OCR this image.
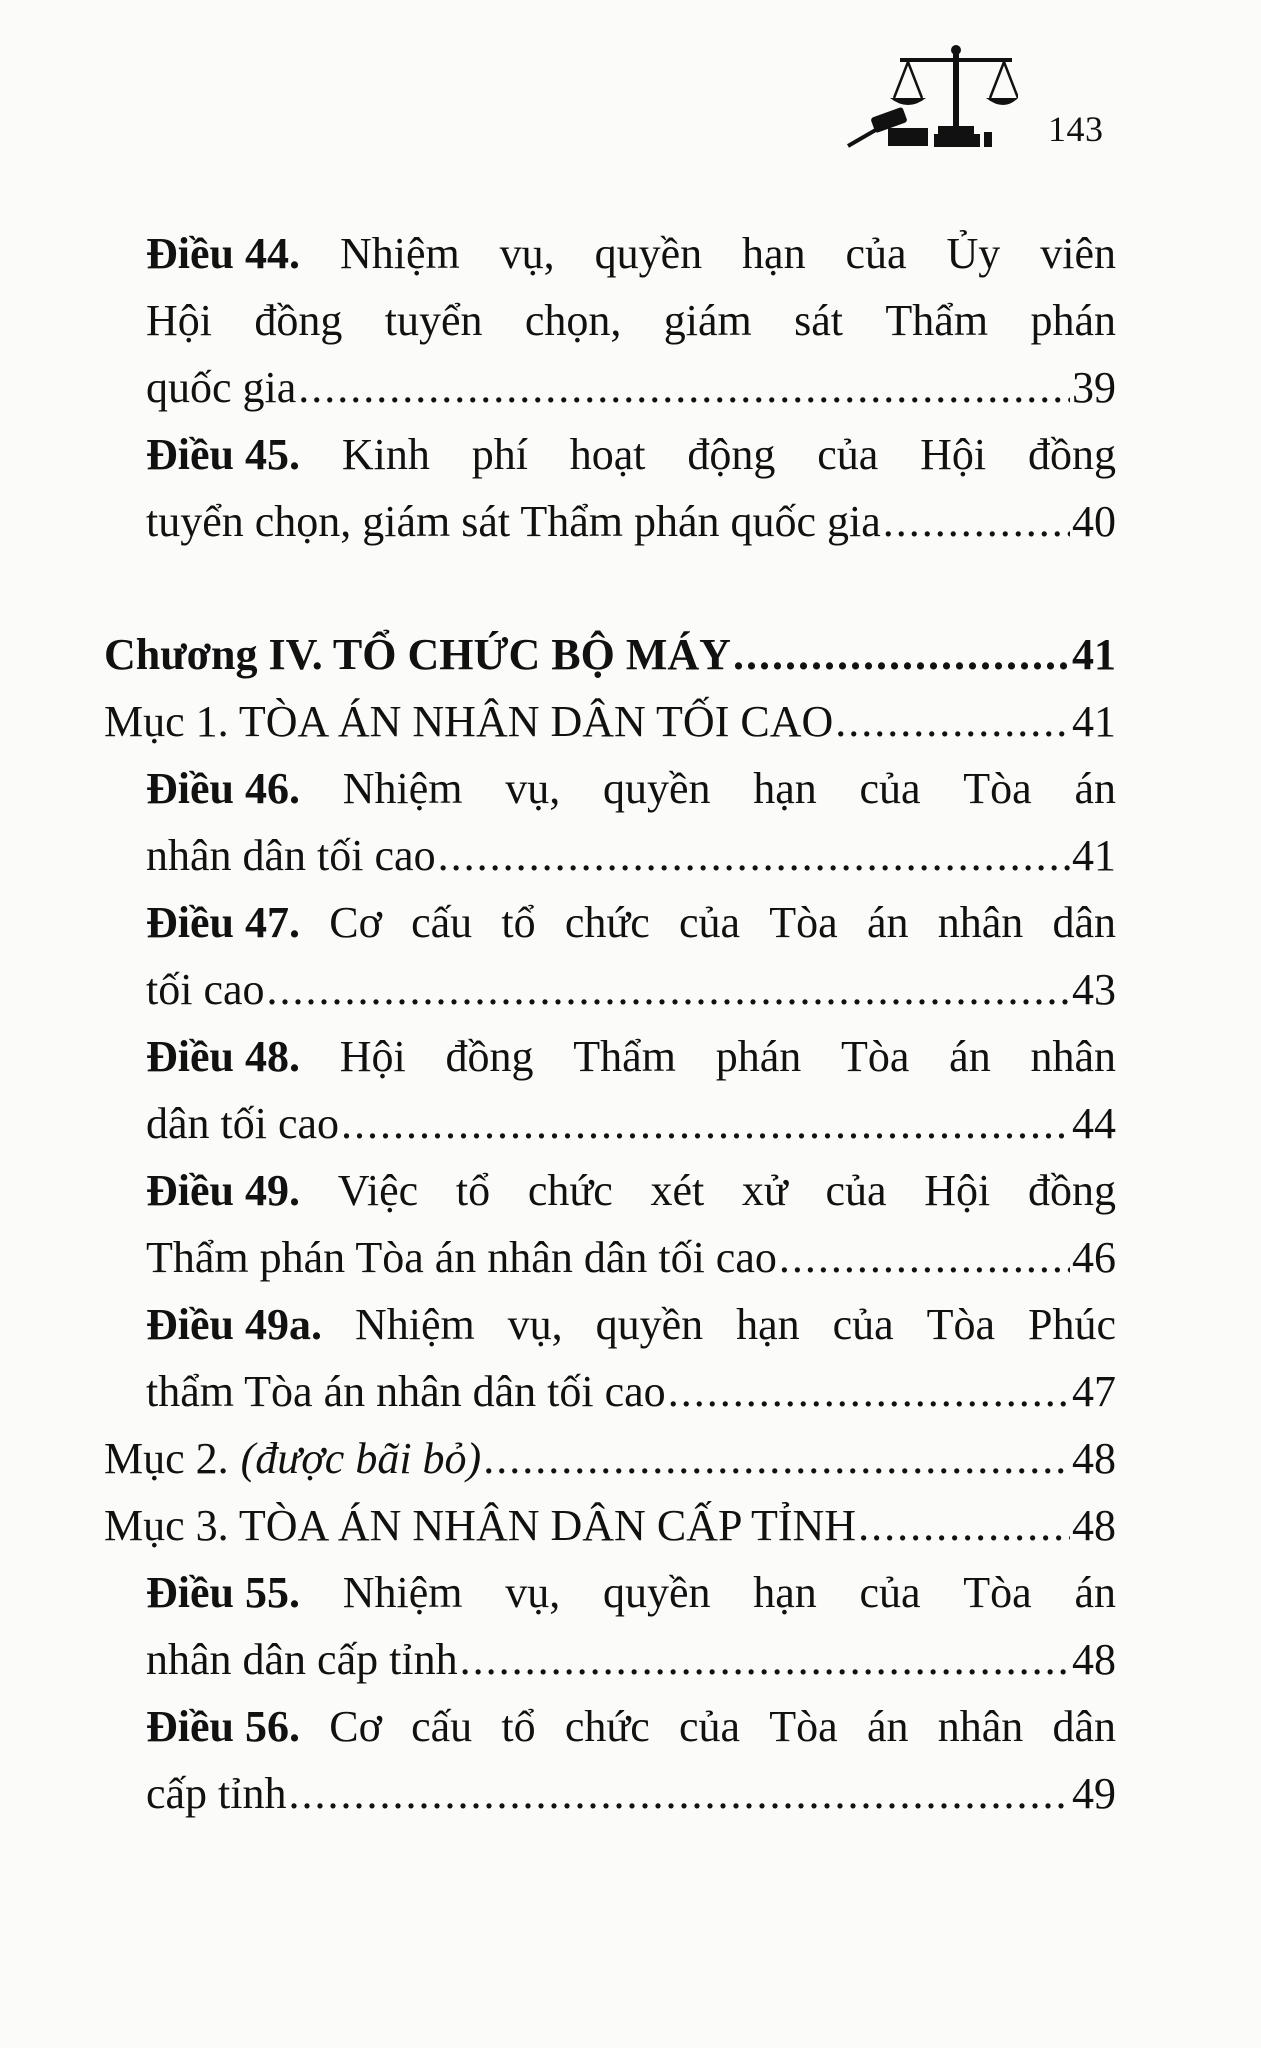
143
Điều 44. Nhiệm vụ, quyền hạn của Ủy viên
Hội đồng tuyển chọn, giám sát Thẩm phán
quốc gia .....	39
Điều 45. Kinh phí hoạt động của Hội đồng
tuyển chọn, giám sát Thẩm phán quốc gia .....	40
Chương IV. TỔ CHỨC BỘ MÁY .....	41
Mục 1. TÒA ÁN NHÂN DÂN TỐI CAO .....	41
Điều 46. Nhiệm vụ, quyền hạn của Tòa án
nhân dân tối cao .....	41
Điều 47. Cơ cấu tổ chức của Tòa án nhân dân
tối cao .....	43
Điều 48. Hội đồng Thẩm phán Tòa án nhân
dân tối cao .....	44
Điều 49. Việc tổ chức xét xử của Hội đồng
Thẩm phán Tòa án nhân dân tối cao .....	46
Điều 49a. Nhiệm vụ, quyền hạn của Tòa Phúc
thẩm Tòa án nhân dân tối cao .....	47
Mục 2. (được bãi bỏ) .....	48
Mục 3. TÒA ÁN NHÂN DÂN CẤP TỈNH .....	48
Điều 55. Nhiệm vụ, quyền hạn của Tòa án
nhân dân cấp tỉnh .....	48
Điều 56. Cơ cấu tổ chức của Tòa án nhân dân
cấp tỉnh .....	49
